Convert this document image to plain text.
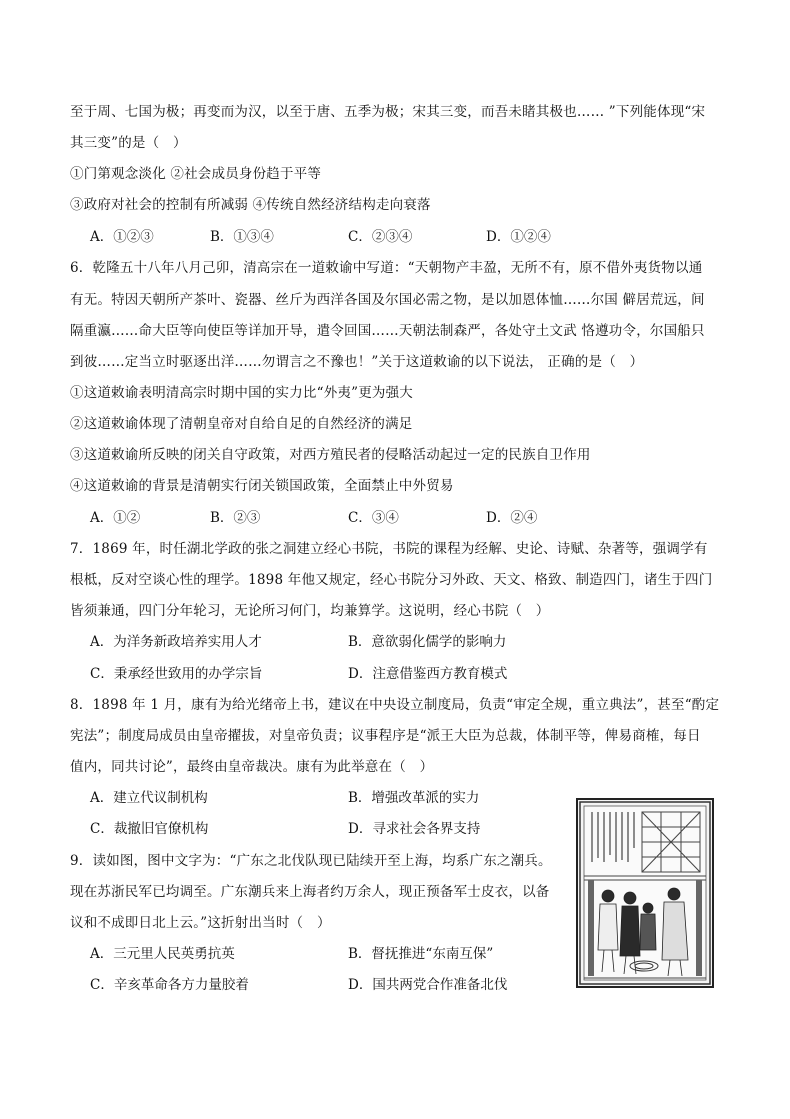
至于周、七国为极；再变而为汉，以至于唐、五季为极；宋其三变，而吾未睹其极也…… ”下列能体现“宋
其三变”的是（　）
①门第观念淡化 ②社会成员身份趋于平等
③政府对社会的控制有所减弱 ④传统自然经济结构走向衰落
A．①②③	B．①③④	C．②③④	D．①②④
6．乾隆五十八年八月己卯，清高宗在一道敕谕中写道：“天朝物产丰盈，无所不有，原不借外夷货物以通
有无。特因天朝所产茶叶、瓷器、丝斤为西洋各国及尔国必需之物，是以加恩体恤……尔国 僻居荒远，间
隔重瀛……命大臣等向使臣等详加开导，遣令回国……天朝法制森严，各处守土文武 恪遵功令，尔国船只
到彼……定当立时驱逐出洋……勿谓言之不豫也！”关于这道敕谕的以下说法， 正确的是（　）
①这道敕谕表明清高宗时期中国的实力比“外夷”更为强大
②这道敕谕体现了清朝皇帝对自给自足的自然经济的满足
③这道敕谕所反映的闭关自守政策，对西方殖民者的侵略活动起过一定的民族自卫作用
④这道敕谕的背景是清朝实行闭关锁国政策，全面禁止中外贸易
A．①②	B．②③	C．③④	D．②④
7．1869 年，时任湖北学政的张之洞建立经心书院，书院的课程为经解、史论、诗赋、杂著等，强调学有
根柢，反对空谈心性的理学。1898 年他又规定，经心书院分习外政、天文、格致、制造四门，诸生于四门
皆须兼通，四门分年轮习，无论所习何门，均兼算学。这说明，经心书院（　）
A．为洋务新政培养实用人才	B．意欲弱化儒学的影响力
C．秉承经世致用的办学宗旨	D．注意借鉴西方教育模式
8．1898 年 1 月，康有为给光绪帝上书，建议在中央设立制度局，负责“审定全规，重立典法”，甚至“酌定
宪法”；制度局成员由皇帝擢拔，对皇帝负责；议事程序是“派王大臣为总裁，体制平等，俾易商榷，每日
值内，同共讨论”，最终由皇帝裁决。康有为此举意在（　）
A．建立代议制机构	B．增强改革派的实力
C．裁撤旧官僚机构	D．寻求社会各界支持
9．读如图，图中文字为：“广东之北伐队现已陆续开至上海，均系广东之潮兵。
现在苏浙民军已均调至。广东潮兵来上海者约万余人，现正预备军士皮衣，以备
议和不成即日北上云。”这折射出当时（　）
A．三元里人民英勇抗英	B．督抚推进“东南互保”
C．辛亥革命各方力量胶着	D．国共两党合作准备北伐
